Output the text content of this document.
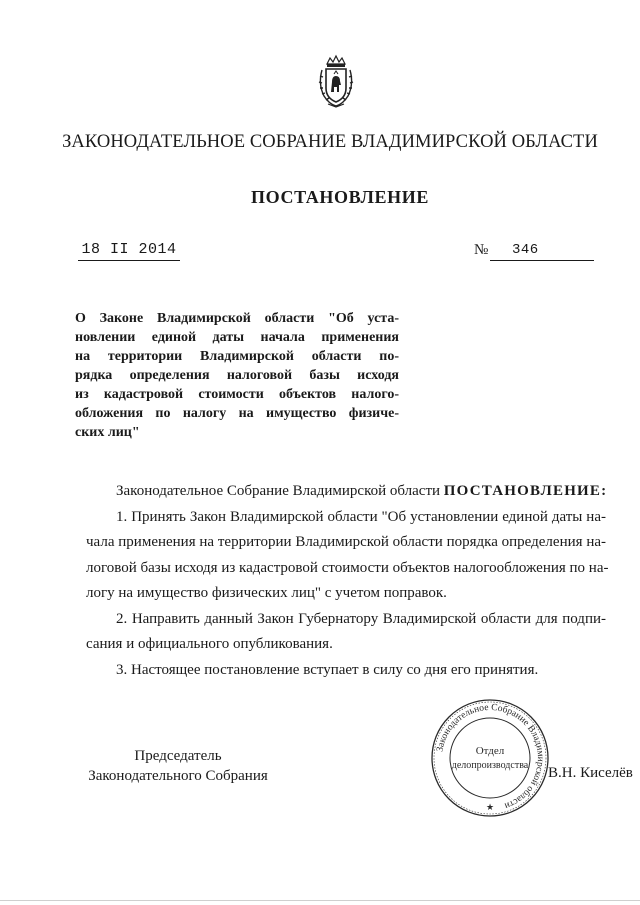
ЗАКОНОДАТЕЛЬНОЕ СОБРАНИЕ ВЛАДИМИРСКОЙ ОБЛАСТИ
ПОСТАНОВЛЕНИЕ
18 II 2014	№	346
О Законе Владимирской области "Об уста-
новлении единой даты начала применения
на территории Владимирской области по-
рядка определения налоговой базы исходя
из кадастровой стоимости объектов налого-
обложения по налогу на имущество физиче-
ских лиц"
Законодательное Собрание Владимирской области ПОСТАНОВЛЕНИЕ:
1. Принять Закон Владимирской области "Об установлении единой даты на-
чала применения на территории Владимирской области порядка определения на-
логовой базы исходя из кадастровой стоимости объектов налогообложения по на-
логу на имущество физических лиц" с учетом поправок.
2. Направить данный Закон Губернатору Владимирской области для подпи-
сания и официального опубликования.
3. Настоящее постановление вступает в силу со дня его принятия.
Председатель
Законодательного Собрания
Законодательное Собрание Владимирской области
Отдел
делопроизводства
★
В.Н. Киселёв
